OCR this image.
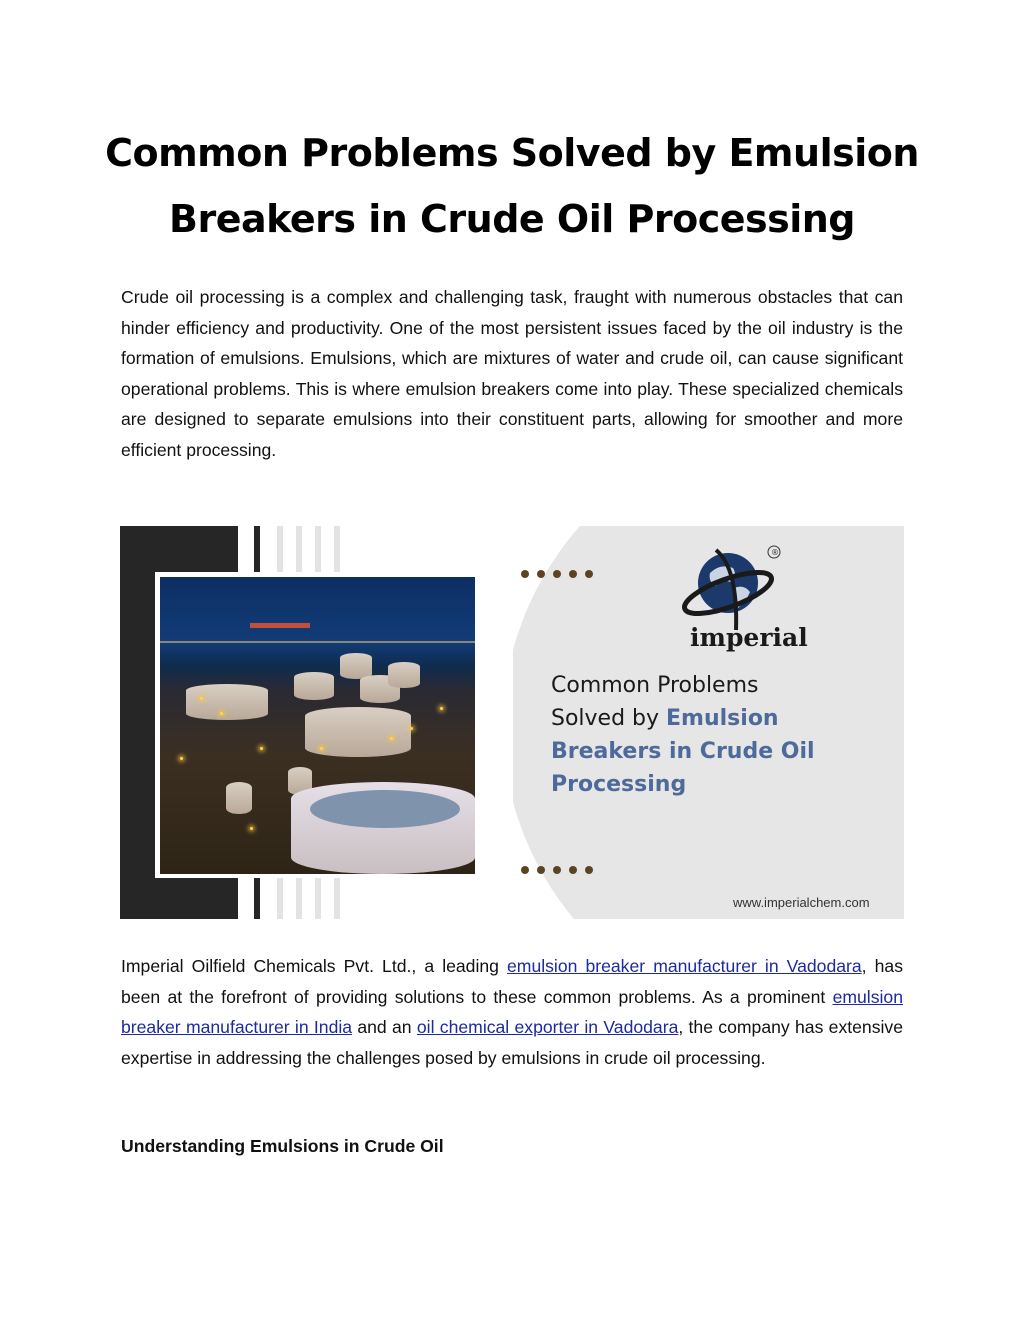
Common Problems Solved by Emulsion
Breakers in Crude Oil Processing

Crude oil processing is a complex and challenging task, fraught with numerous obstacles that can hinder efficiency and productivity. One of the most persistent issues faced by the oil industry is the formation of emulsions. Emulsions, which are mixtures of water and crude oil, can cause significant operational problems. This is where emulsion breakers come into play. These specialized chemicals are designed to separate emulsions into their constituent parts, allowing for smoother and more efficient processing.

®
imperial
Common Problems
Solved by Emulsion
Breakers in Crude Oil
Processing
www.imperialchem.com

Imperial Oilfield Chemicals Pvt. Ltd., a leading emulsion breaker manufacturer in Vadodara, has been at the forefront of providing solutions to these common problems. As a prominent emulsion breaker manufacturer in India and an oil chemical exporter in Vadodara, the company has extensive expertise in addressing the challenges posed by emulsions in crude oil processing.

Understanding Emulsions in Crude Oil
